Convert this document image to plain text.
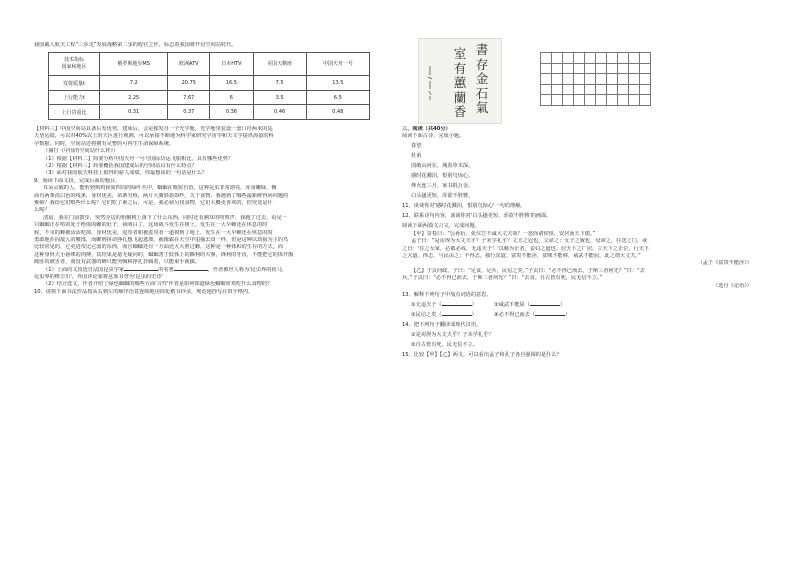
我国載人航天工程“三步走”发展战略第二步的收官之作，标志着我国将开启空间站时代。

技术指标
国家和地区	俄罗斯地步MS	欧洲ATV	日本HTV	美国天鹅座	中国天舟一号
发射质量t	7.2	20.75	16.5	7.5	13.5
上行能力t	2.25	7.67	6	3.5	6.5
上行货重比	0.31	0.37	0.36	0.46	0.48

【材料三】中国空间站具备后发优势，建成后，会是独发自一个光学舱，光学舱里装设一套口径两米的巡

天望远镜，可以对40%以上的天区进行观测，可以承接不断地为科学家研究宇宙学和天文学提供海量的科

学数据。同时，空间站还将拥有完整的可再生生命保障系统。

（摘自《中国的空间站什么样》）

（1）根据【材料二】简要分析中国天舟一号与国际货运飞船相比，具有哪些优势？

（2）根据【材料三】简要概括我国建成后的空间站具有什么特点？

（3）面对我国航天科技上取得的骄人成绩，你最想说的一句话是什么？

9、阅读下面文段，完成后面的题目。

耳朵灵敏的人，能听到狗鸡我如四周的绿叶丛中，蝈蝈在歌宿自语。这种昆虫非常漂亮，浑身嫩绿，侧

面有两条淡白色的线条，身材优美，苗条匀称，两片大翼轻盈如纱。关于食物，我遇到了哪些最新鲜得问问题的

难顿？我给它们喂些什么呢？它们吃了素之后，可是，我必须另找食物，它们大概更喜欢的，但究竟是什

么呢？

清晨，我在门前散步，突然旁边的梧桐树上落下了什么东西，同时还有刺耳的吱吱声，我跑了过去，看见一

只蝈蝈正在啃着处于绝境的蝉的肚子，我明白了，这场战斗发生在树上，发生在一大早蝉还在休息的时

候，不幸的蝉被活活吃掉，身材优美，进攻者和被进攻者一道掉到了地上，发生在一大早蝉还在休息的时

勇敢地扑向敌人的腰部，而蝉则拼命挣扎想飞起逃离，就像霸在天空中追捕去食一样，但是这种以劫掠为主的鸟

比较常见的，它更进攻比它弱的东西，而且蝈蝈还有一方面还大大胜过蝉，这种是一种体积的生存的方式，而

这种身材大小悬殊的肉搏，其结果是毫无疑问的，蝈蝈善于肢体上的撕利的大颚，锋利的牙齿，不能把它的体开腹

破肚的被害者，而没有武器的蝉只能哭喊和挣扎扑腾着，只能束手就擒。

（1）上面的文段选自法国昆虫学家	的名著	，作者被世人称为'昆虫界的荷马，

昆虫界的维吉尔'，外国评论家将这部书誉为'昆虫的史诗'

（2）结合选文，作者介绍了绿色蝈蝈的哪些方面'习性'作者是如何知道绿色蝈蝈喜欢吃什么食物的？

10、请将下面书法作品按从右到左的顺序语意连续地用简化楷书抄录，规范地抄写在田字格内。

書
存
金
石
氣
室
有
蕙
蘭
香

三、阅读（共40分）

阅读下面古诗，完成小题。

春望

杜甫

国破山河在，城春草木深。

感时花溅泪，恨别鸟惊心。

烽火连三月，家书抵万金。

白头搔更短，浑欲不胜簪。

11、谈谈你对'感时花溅泪，恨别鸟惊心'一句的理解。

12、联系诗句内容，谈谈你对'白头搔更短，浑欲不胜簪'的画面。

阅读下面两篇文言文，完成问题。

【甲】景春曰：“公孙衍、张仪岂不诚大丈夫哉？一怒而诸侯惧，安居而天下熄。”

孟子曰：“是焉得为大丈夫乎？子未学礼乎？丈夫之冠也，父命之；女子之嫁也，母命之，往送之门，戒

之曰：‘往之女家，必敬必戒，无违夫子！’以顺为正者，妾妇之道也。居天下之广居，立天下之正位，行天下

之大道。得志，与民由之；不得志，独行其道。富贵不能淫，贫贱不能移，威武不能屈，此之谓大丈夫。”

（孟子《富贵不能淫》）

【乙】子贡问政。子曰：“足食，足兵，民信之矣。”子贡曰：“必不得已而去，于斯三者何先？”曰：“去

兵。”子贡曰：“必不得已而去，于斯二者何先？”曰：“去食。自古皆有死，民无信不立。”

（选自《论语》）

13、解释下列句子中加点词语的意思。

①无违夫子（	）	②威武不能屈（	）

③民信之矣（	）	④必不得已而去（	）

14、把下列句子翻译成现代汉语。

①是焉得为大丈夫乎？子未学礼乎？

②自古皆有死，民无信不立。

15、比较【甲】【乙】两文，可以看出孟子和孔子各自强调的是什么？
